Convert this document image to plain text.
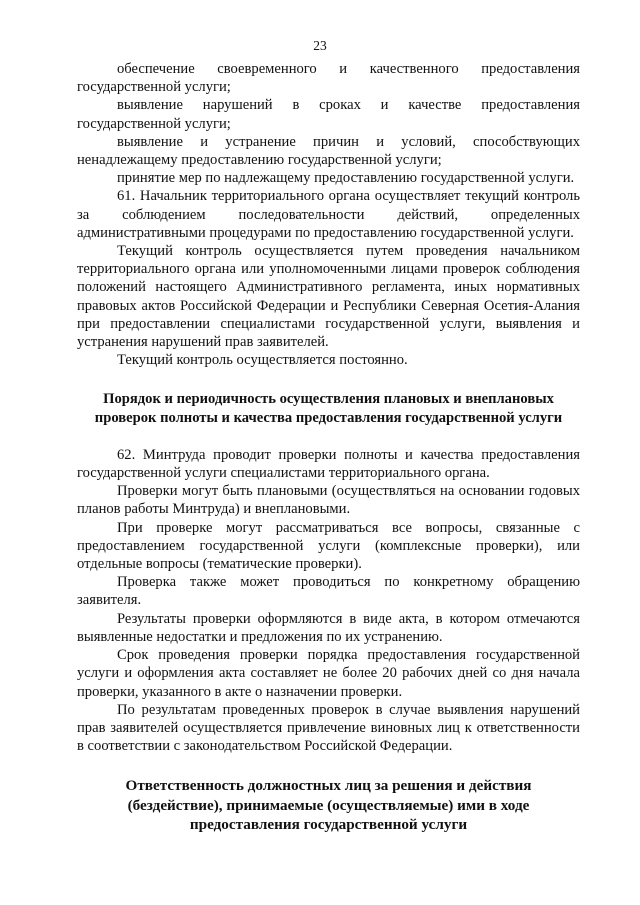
23

обеспечение своевременного и качественного предоставления государственной услуги;

выявление нарушений в сроках и качестве предоставления государственной услуги;

выявление и устранение причин и условий, способствующих ненадлежащему предоставлению государственной услуги;

принятие мер по надлежащему предоставлению государственной услуги.

61. Начальник территориального органа осуществляет текущий контроль за соблюдением последовательности действий, определенных административными процедурами по предоставлению государственной услуги.

Текущий контроль осуществляется путем проведения начальником территориального органа или уполномоченными лицами проверок соблюдения положений настоящего Административного регламента, иных нормативных правовых актов Российской Федерации и Республики Северная Осетия-Алания при предоставлении специалистами государственной услуги, выявления и устранения нарушений прав заявителей.

Текущий контроль осуществляется постоянно.

Порядок и периодичность осуществления плановых и внеплановых проверок полноты и качества предоставления государственной услуги

62. Минтруда проводит проверки полноты и качества предоставления государственной услуги специалистами территориального органа.

Проверки могут быть плановыми (осуществляться на основании годовых планов работы Минтруда) и внеплановыми.

При проверке могут рассматриваться все вопросы, связанные с предоставлением государственной услуги (комплексные проверки), или отдельные вопросы (тематические проверки).

Проверка также может проводиться по конкретному обращению заявителя.

Результаты проверки оформляются в виде акта, в котором отмечаются выявленные недостатки и предложения по их устранению.

Срок проведения проверки порядка предоставления государственной услуги и оформления акта составляет не более 20 рабочих дней со дня начала проверки, указанного в акте о назначении проверки.

По результатам проведенных проверок в случае выявления нарушений прав заявителей осуществляется привлечение виновных лиц к ответственности в соответствии с законодательством Российской Федерации.

Ответственность должностных лиц за решения и действия (бездействие), принимаемые (осуществляемые) ими в ходе предоставления государственной услуги
